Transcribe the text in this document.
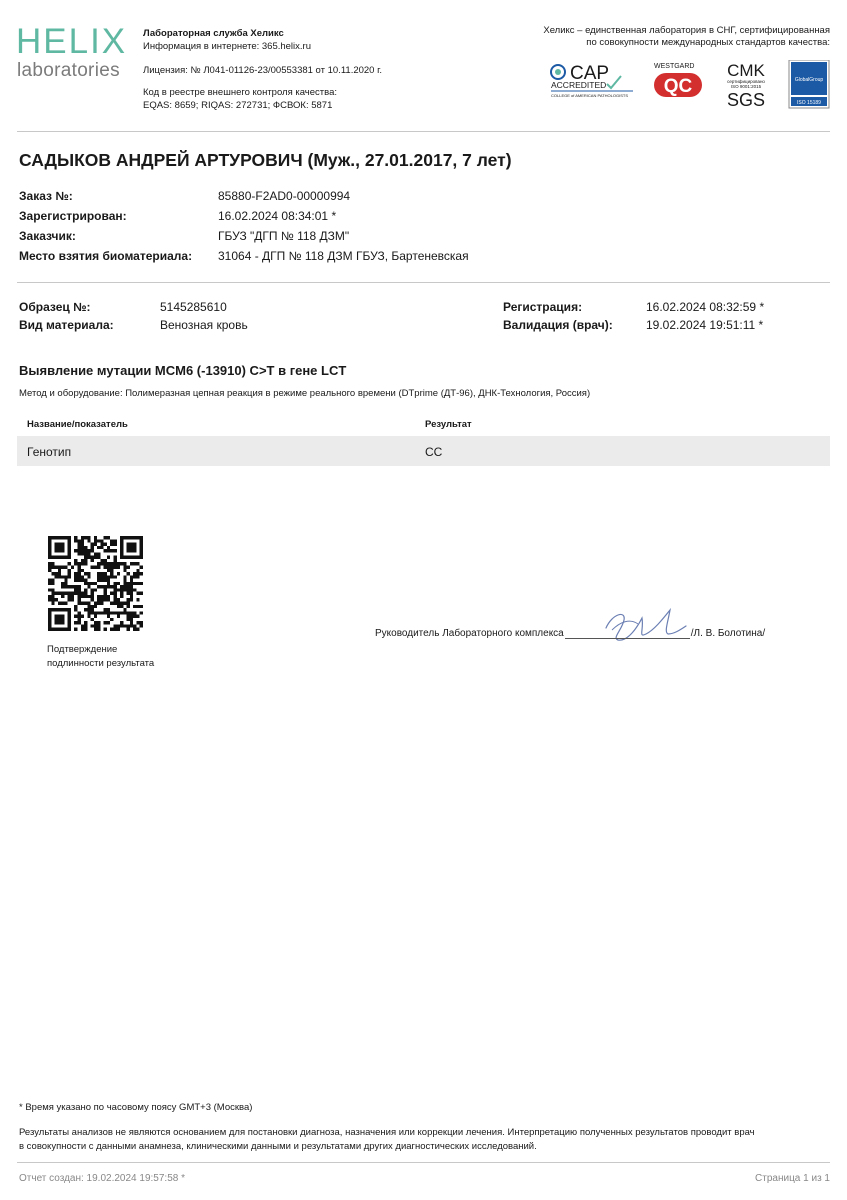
HELIX
laboratories
Лабораторная служба Хеликс
Информация в интернете: 365.helix.ru
Лицензия: № Л041-01126-23/00553381 от 10.11.2020 г.
Код в реестре внешнего контроля качества:
EQAS: 8659; RIQAS: 272731; ФСВОК: 5871
Хеликс – единственная лаборатория в СНГ, сертифицированная
по совокупности международных стандартов качества:
CAP
ACCREDITED
COLLEGE of AMERICAN PATHOLOGISTS
WESTGARD
QC
CMK
сертифицировано
ISO 9001:2015
SGS
GlobalGroup
ISO 15189
САДЫКОВ АНДРЕЙ АРТУРОВИЧ (Муж., 27.01.2017, 7 лет)
Заказ №:	85880-F2AD0-00000994
Зарегистрирован:	16.02.2024 08:34:01 *
Заказчик:	ГБУЗ "ДГП № 118 ДЗМ"
Место взятия биоматериала: 31064 - ДГП № 118 ДЗМ ГБУЗ, Бартеневская
Образец №:	5145285610
Вид материала:	Венозная кровь
Регистрация:	16.02.2024 08:32:59 *
Валидация (врач):	19.02.2024 19:51:11 *
Выявление мутации MCM6 (-13910) C>T в гене LCT
Метод и оборудование: Полимеразная цепная реакция в режиме реального времени (DTprime (ДТ-96), ДНК-Технология, Россия)
Название/показатель	Результат
Генотип	CC
Подтверждение
подлинности результата
Руководитель Лабораторного комплекса	/Л. В. Болотина/
* Время указано по часовому поясу GMT+3 (Москва)
Результаты анализов не являются основанием для постановки диагноза, назначения или коррекции лечения. Интерпретацию полученных результатов проводит врач
в совокупности с данными анамнеза, клиническими данными и результатами других диагностических исследований.
Отчет создан: 19.02.2024 19:57:58 *	Страница 1 из 1
